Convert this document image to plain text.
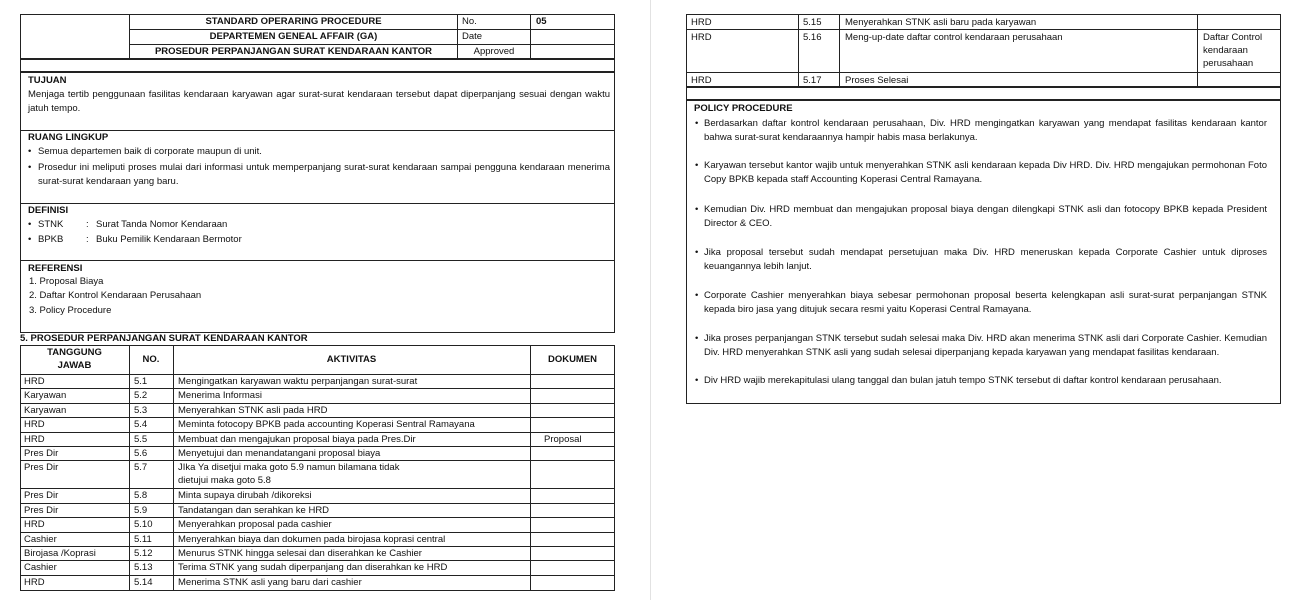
STANDARD OPERARING PROCEDURE
DEPARTEMEN GENEAL AFFAIR (GA)
PROSEDUR PERPANJANGAN SURAT KENDARAAN KANTOR
No.	05
Date
Approved
TUJUAN
Menjaga tertib penggunaan fasilitas kendaraan karyawan agar surat-surat kendaraan tersebut dapat diperpanjang sesuai dengan waktu jatuh tempo.
RUANG LINGKUP
• Semua departemen baik di corporate maupun di unit.
• Prosedur ini meliputi proses mulai dari informasi untuk memperpanjang surat-surat kendaraan sampai pengguna kendaraan menerima surat-surat kendaraan yang baru.
DEFINISI
• STNK : Surat Tanda Nomor Kendaraan
• BPKB : Buku Pemilik Kendaraan Bermotor
REFERENSI
1. Proposal Biaya
2. Daftar Kontrol Kendaraan Perusahaan
3. Policy Procedure
5. PROSEDUR PERPANJANGAN SURAT KENDARAAN KANTOR
TANGGUNG
JAWAB
NO.	AKTIVITAS	DOKUMEN
HRD	5.1	Mengingatkan karyawan waktu perpanjangan surat-surat
Karyawan	5.2	Menerima Informasi
Karyawan	5.3	Menyerahkan STNK asli pada HRD
HRD	5.4	Meminta fotocopy BPKB pada accounting Koperasi Sentral Ramayana
HRD	5.5	Membuat dan mengajukan proposal biaya pada Pres.Dir	Proposal
Pres Dir	5.6	Menyetujui dan menandatangani proposal biaya
Pres Dir	5.7	JIka Ya disetjui maka goto 5.9 namun bilamana tidak
dietujui maka goto 5.8
Pres Dir	5.8	Minta supaya dirubah /dikoreksi
Pres Dir	5.9	Tandatangan dan serahkan ke HRD
HRD	5.10	Menyerahkan proposal pada cashier
Cashier	5.11	Menyerahkan biaya dan dokumen pada birojasa koprasi central
Birojasa /Koprasi	5.12	Menurus STNK hingga selesai dan diserahkan ke Cashier
Cashier	5.13	Terima STNK yang sudah diperpanjang dan diserahkan ke HRD
HRD	5.14	Menerima STNK asli yang baru dari cashier
POLICY PROCEDURE
HRD	5.15 Menyerahkan STNK asli baru pada karyawan
HRD	5.16 Meng-up-date daftar control kendaraan perusahaan	Daftar Control
kendaraan
perusahaan
HRD	5.17 Proses Selesai
• Berdasarkan daftar kontrol kendaraan perusahaan, Div. HRD mengingatkan karyawan yang mendapat fasilitas kendaraan kantor bahwa surat-surat kendaraannya hampir habis masa berlakunya.
• Karyawan tersebut kantor wajib untuk menyerahkan STNK asli kendaraan kepada Div HRD. Div. HRD mengajukan permohonan Foto Copy BPKB kepada staff Accounting Koperasi Central Ramayana.
• Kemudian Div. HRD membuat dan mengajukan proposal biaya dengan dilengkapi STNK asli dan fotocopy BPKB kepada President Director & CEO.
• Jika proposal tersebut sudah mendapat persetujuan maka Div. HRD meneruskan kepada Corporate Cashier untuk diproses keuangannya lebih lanjut.
• Corporate Cashier menyerahkan biaya sebesar permohonan proposal beserta kelengkapan asli surat-surat perpanjangan STNK kepada biro jasa yang ditujuk secara resmi yaitu Koperasi Central Ramayana.
• Jika proses perpanjangan STNK tersebut sudah selesai maka Div. HRD akan menerima STNK asli dari Corporate Cashier. Kemudian Div. HRD menyerahkan STNK asli yang sudah selesai diperpanjang kepada karyawan yang mendapat fasilitas kendaraan.
• Div HRD wajib merekapitulasi ulang tanggal dan bulan jatuh tempo STNK tersebut di daftar kontrol kendaraan perusahaan.
